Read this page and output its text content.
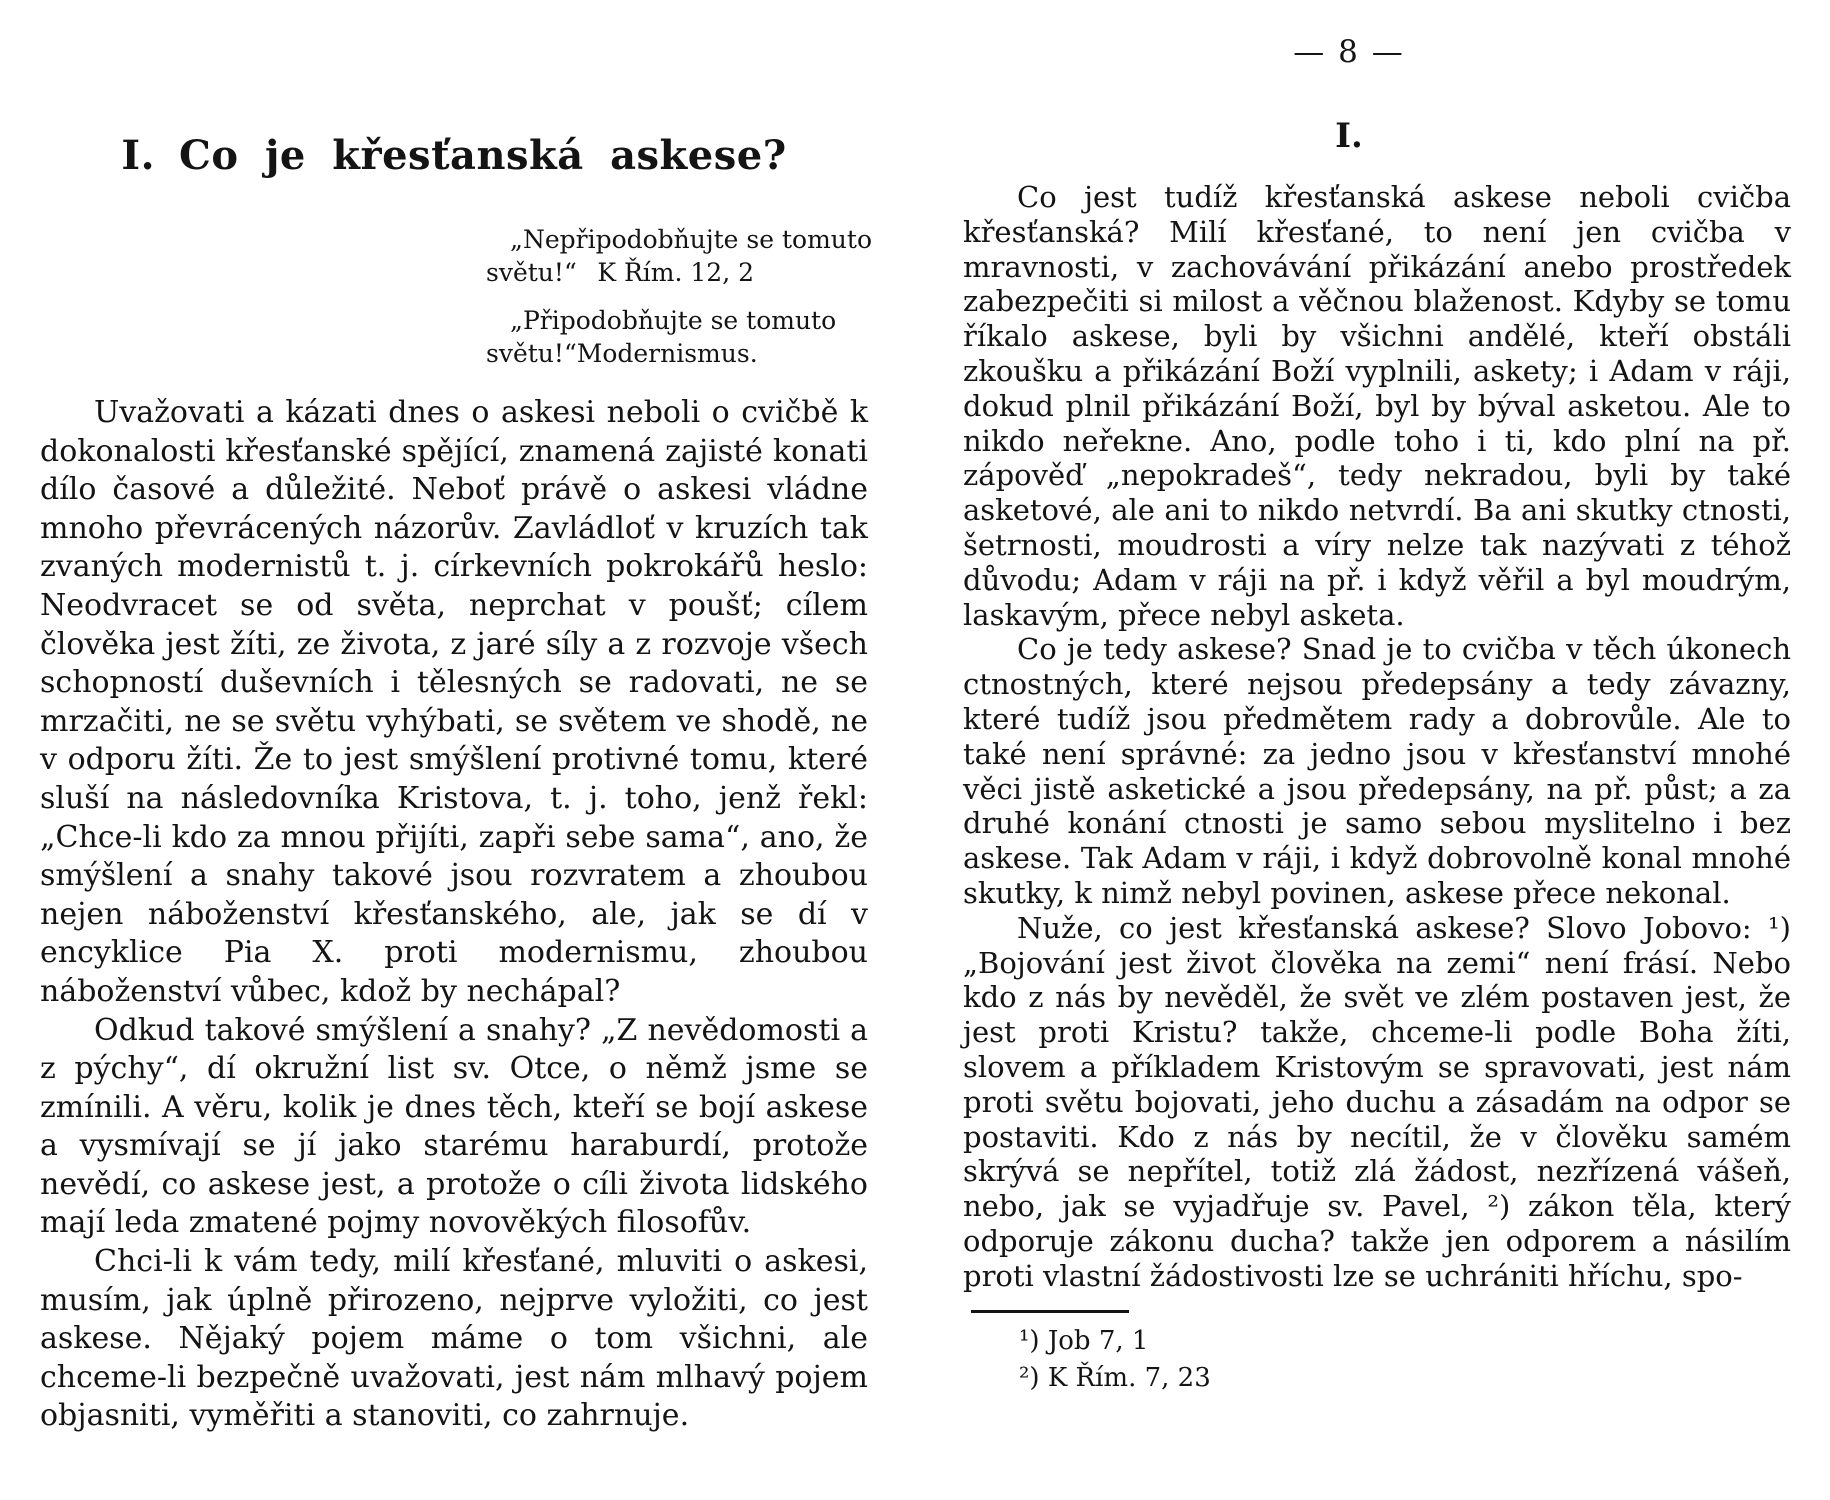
I. Co je křesťanská askese?
„Nepřipodobňujte se tomuto
světu!“ K Řím. 12, 2
„Připodobňujte se tomuto
světu!“ Modernismus.

Uvažovati a kázati dnes o askesi neboli o cvičbě k dokonalosti křesťanské spějící, znamená zajisté konati dílo časové a důležité. Neboť právě o askesi vládne mnoho převrácených názorův. Zavládloť v kruzích tak zvaných modernistů t. j. církevních pokrokářů heslo: Neodvracet se od světa, neprchat v poušť; cílem člověka jest žíti, ze života, z jaré síly a z rozvoje všech schopností duševních i tělesných se radovati, ne se mrzačiti, ne se světu vyhýbati, se světem ve shodě, ne v odporu žíti. Že to jest smýšlení protivné tomu, které sluší na následovníka Kristova, t. j. toho, jenž řekl: „Chce-li kdo za mnou přijíti, zapři sebe sama“, ano, že smýšlení a snahy takové jsou rozvratem a zhoubou nejen náboženství křesťanského, ale, jak se dí v encyklice Pia X. proti modernismu, zhoubou náboženství vůbec, kdož by nechápal?

Odkud takové smýšlení a snahy? „Z nevědomosti a z pýchy“, dí okružní list sv. Otce, o němž jsme se zmínili. A věru, kolik je dnes těch, kteří se bojí askese a vysmívají se jí jako starému haraburdí, protože nevědí, co askese jest, a protože o cíli života lidského mají leda zmatené pojmy novověkých filosofův.

Chci-li k vám tedy, milí křesťané, mluviti o askesi, musím, jak úplně přirozeno, nejprve vyložiti, co jest askese. Nějaký pojem máme o tom všichni, ale chceme-li bezpečně uvažovati, jest nám mlhavý pojem objasniti, vyměřiti a stanoviti, co zahrnuje.

— 8 —
I.

Co jest tudíž křesťanská askese neboli cvičba křesťanská? Milí křesťané, to není jen cvičba v mravnosti, v zachovávání přikázání anebo prostředek zabezpečiti si milost a věčnou blaženost. Kdyby se tomu říkalo askese, byli by všichni andělé, kteří obstáli zkoušku a přikázání Boží vyplnili, askety; i Adam v ráji, dokud plnil přikázání Boží, byl by býval asketou. Ale to nikdo neřekne. Ano, podle toho i ti, kdo plní na př. zápověď „nepokradeš“, tedy nekradou, byli by také asketové, ale ani to nikdo netvrdí. Ba ani skutky ctnosti, šetrnosti, moudrosti a víry nelze tak nazývati z téhož důvodu; Adam v ráji na př. i když věřil a byl moudrým, laskavým, přece nebyl asketa.

Co je tedy askese? Snad je to cvičba v těch úkonech ctnostných, které nejsou předepsány a tedy závazny, které tudíž jsou předmětem rady a dobrovůle. Ale to také není správné: za jedno jsou v křesťanství mnohé věci jistě asketické a jsou předepsány, na př. půst; a za druhé konání ctnosti je samo sebou myslitelno i bez askese. Tak Adam v ráji, i když dobrovolně konal mnohé skutky, k nimž nebyl povinen, askese přece nekonal.

Nuže, co jest křesťanská askese? Slovo Jobovo: ¹) „Bojování jest život člověka na zemi“ není frásí. Nebo kdo z nás by nevěděl, že svět ve zlém postaven jest, že jest proti Kristu? takže, chceme-li podle Boha žíti, slovem a příkladem Kristovým se spravovati, jest nám proti světu bojovati, jeho duchu a zásadám na odpor se postaviti. Kdo z nás by necítil, že v člověku samém skrývá se nepřítel, totiž zlá žádost, nezřízená vášeň, nebo, jak se vyjadřuje sv. Pavel, ²) zákon těla, který odporuje zákonu ducha? takže jen odporem a násilím proti vlastní žádostivosti lze se uchrániti hříchu, spo-

¹) Job 7, 1
²) K Řím. 7, 23
